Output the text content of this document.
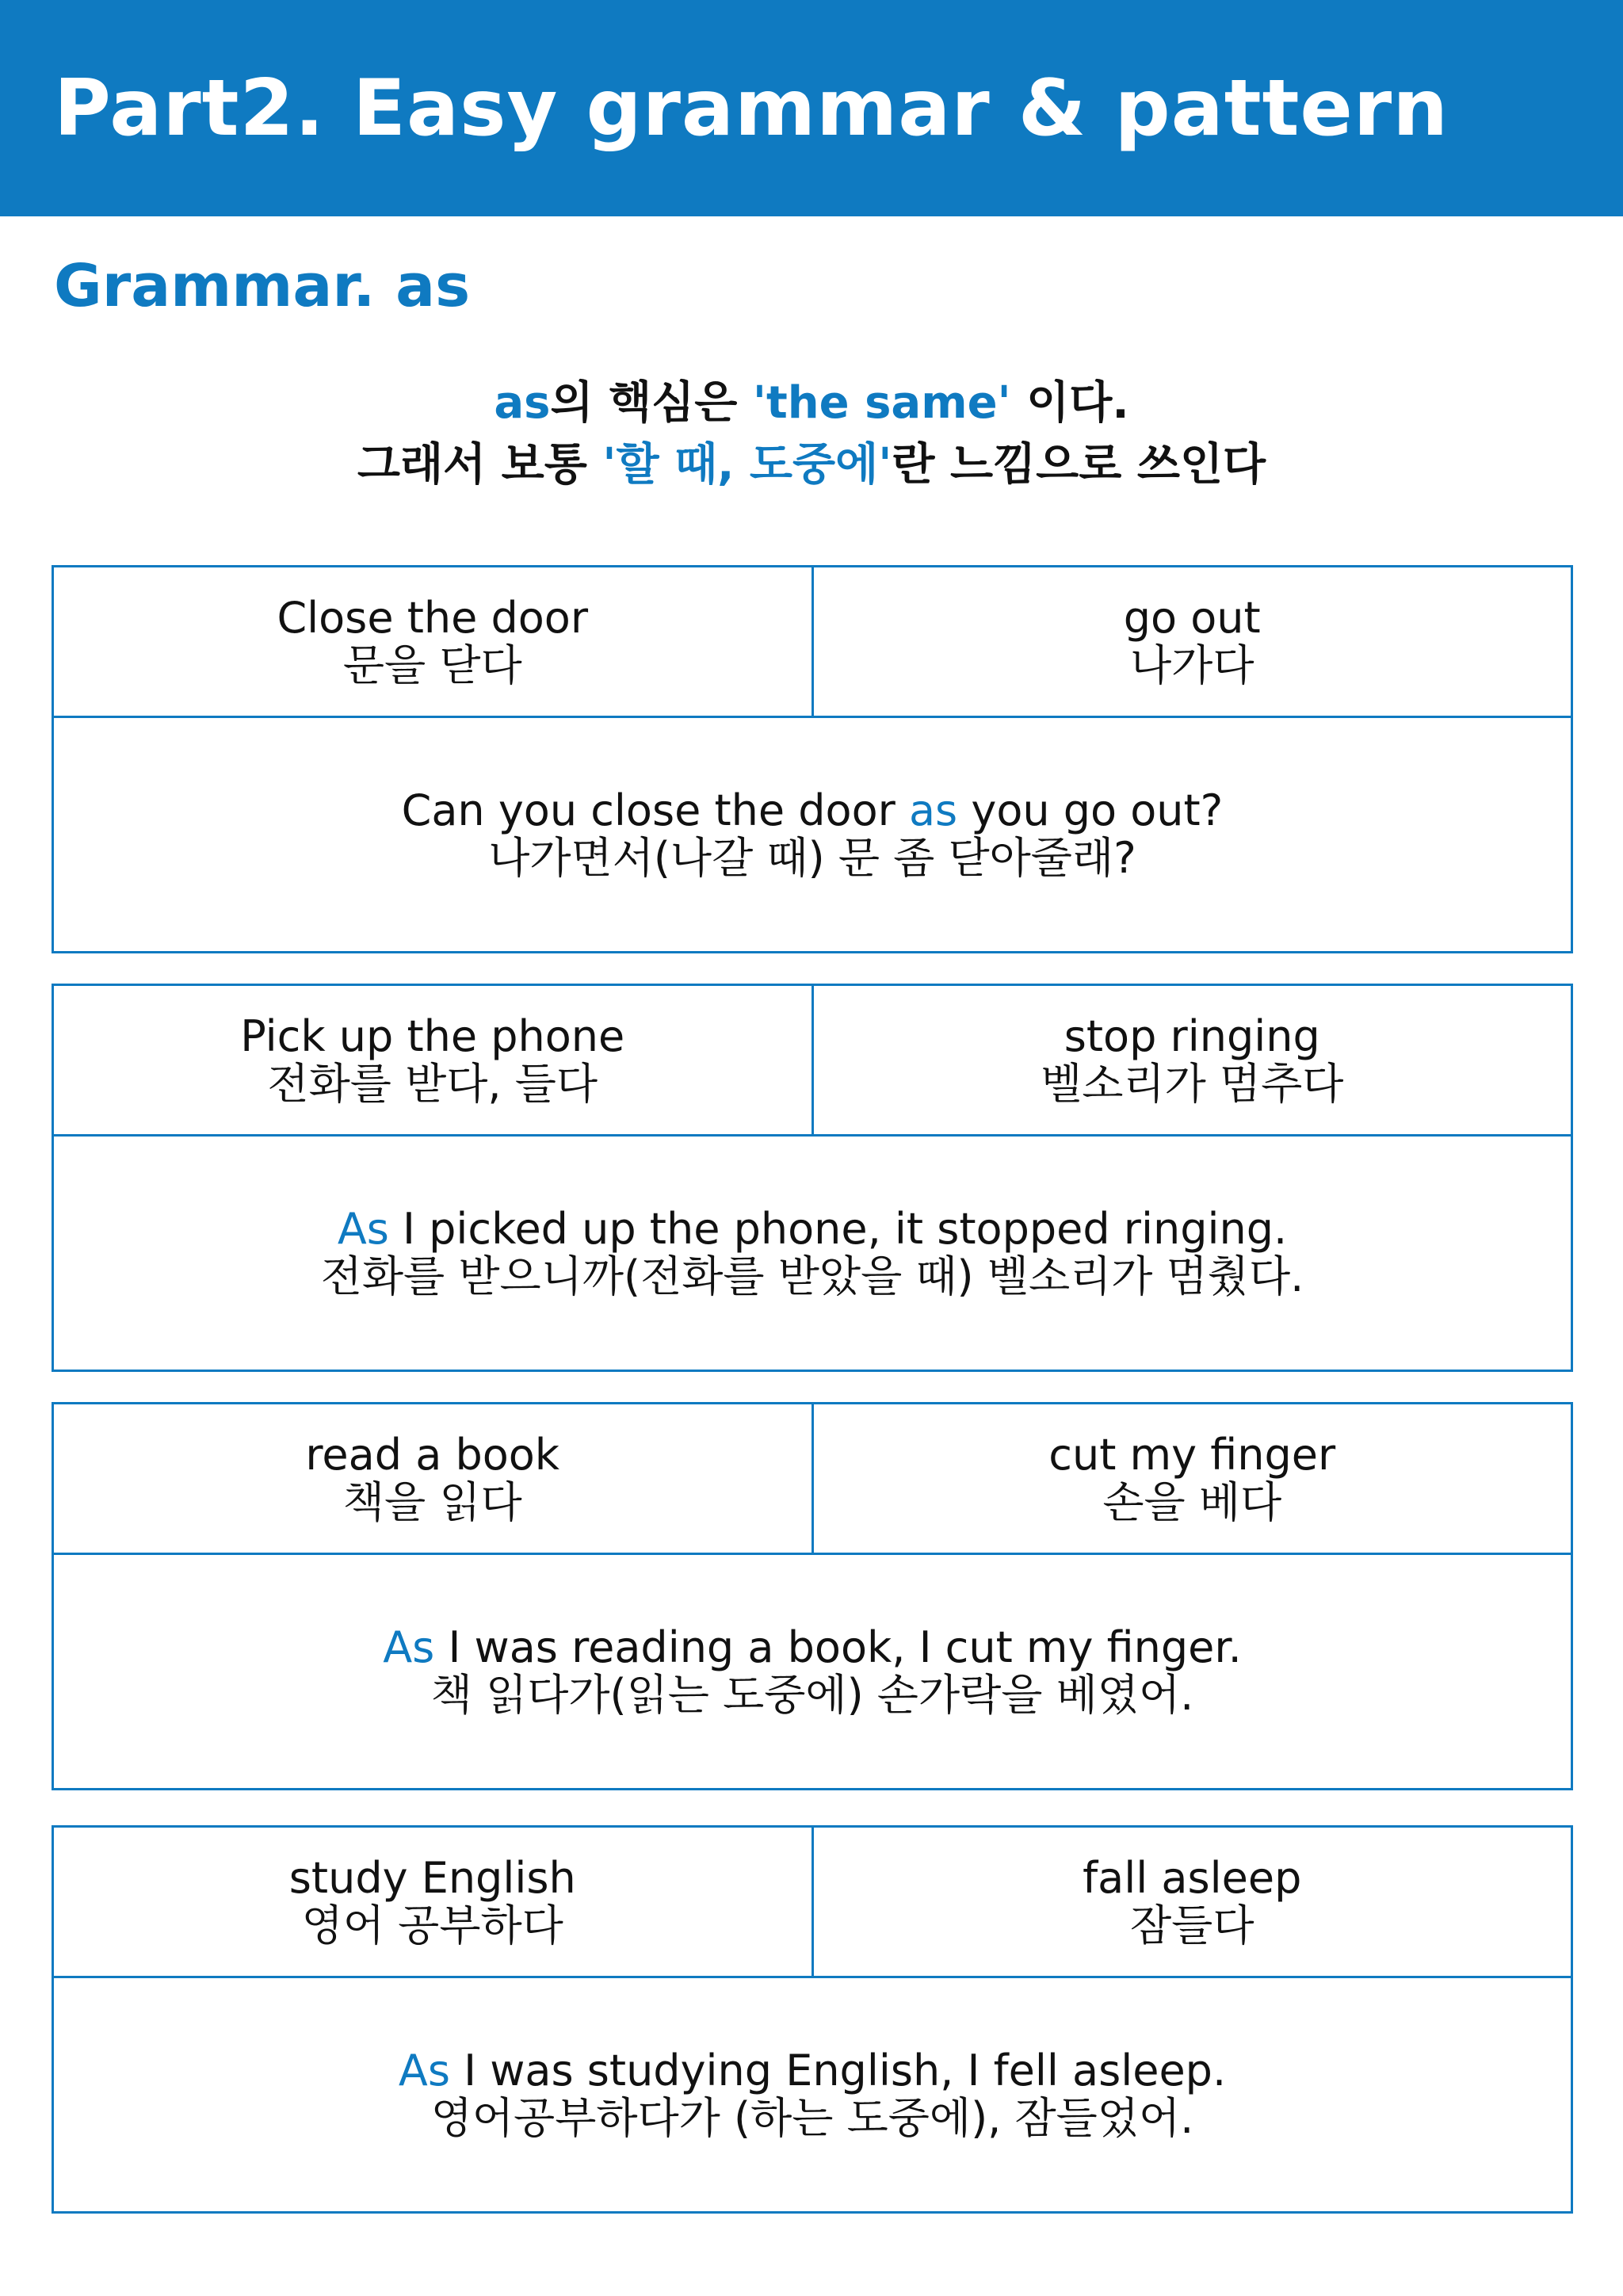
Part2. Easy grammar & pattern
Grammar. as
as의 핵심은 'the same' 이다.
그래서 보통 '할 때, 도중에'란 느낌으로 쓰인다
Close the door
문을 닫다
go out
나가다
Can you close the door as you go out?
나가면서(나갈 때) 문 좀 닫아줄래?
Pick up the phone
전화를 받다, 들다
stop ringing
벨소리가 멈추다
As I picked up the phone, it stopped ringing.
전화를 받으니까(전화를 받았을 때) 벨소리가 멈췄다.
read a book
책을 읽다
cut my finger
손을 베다
As I was reading a book, I cut my finger.
책 읽다가(읽는 도중에) 손가락을 베였어.
study English
영어 공부하다
fall asleep
잠들다
As I was studying English, I fell asleep.
영어공부하다가 (하는 도중에), 잠들었어.
